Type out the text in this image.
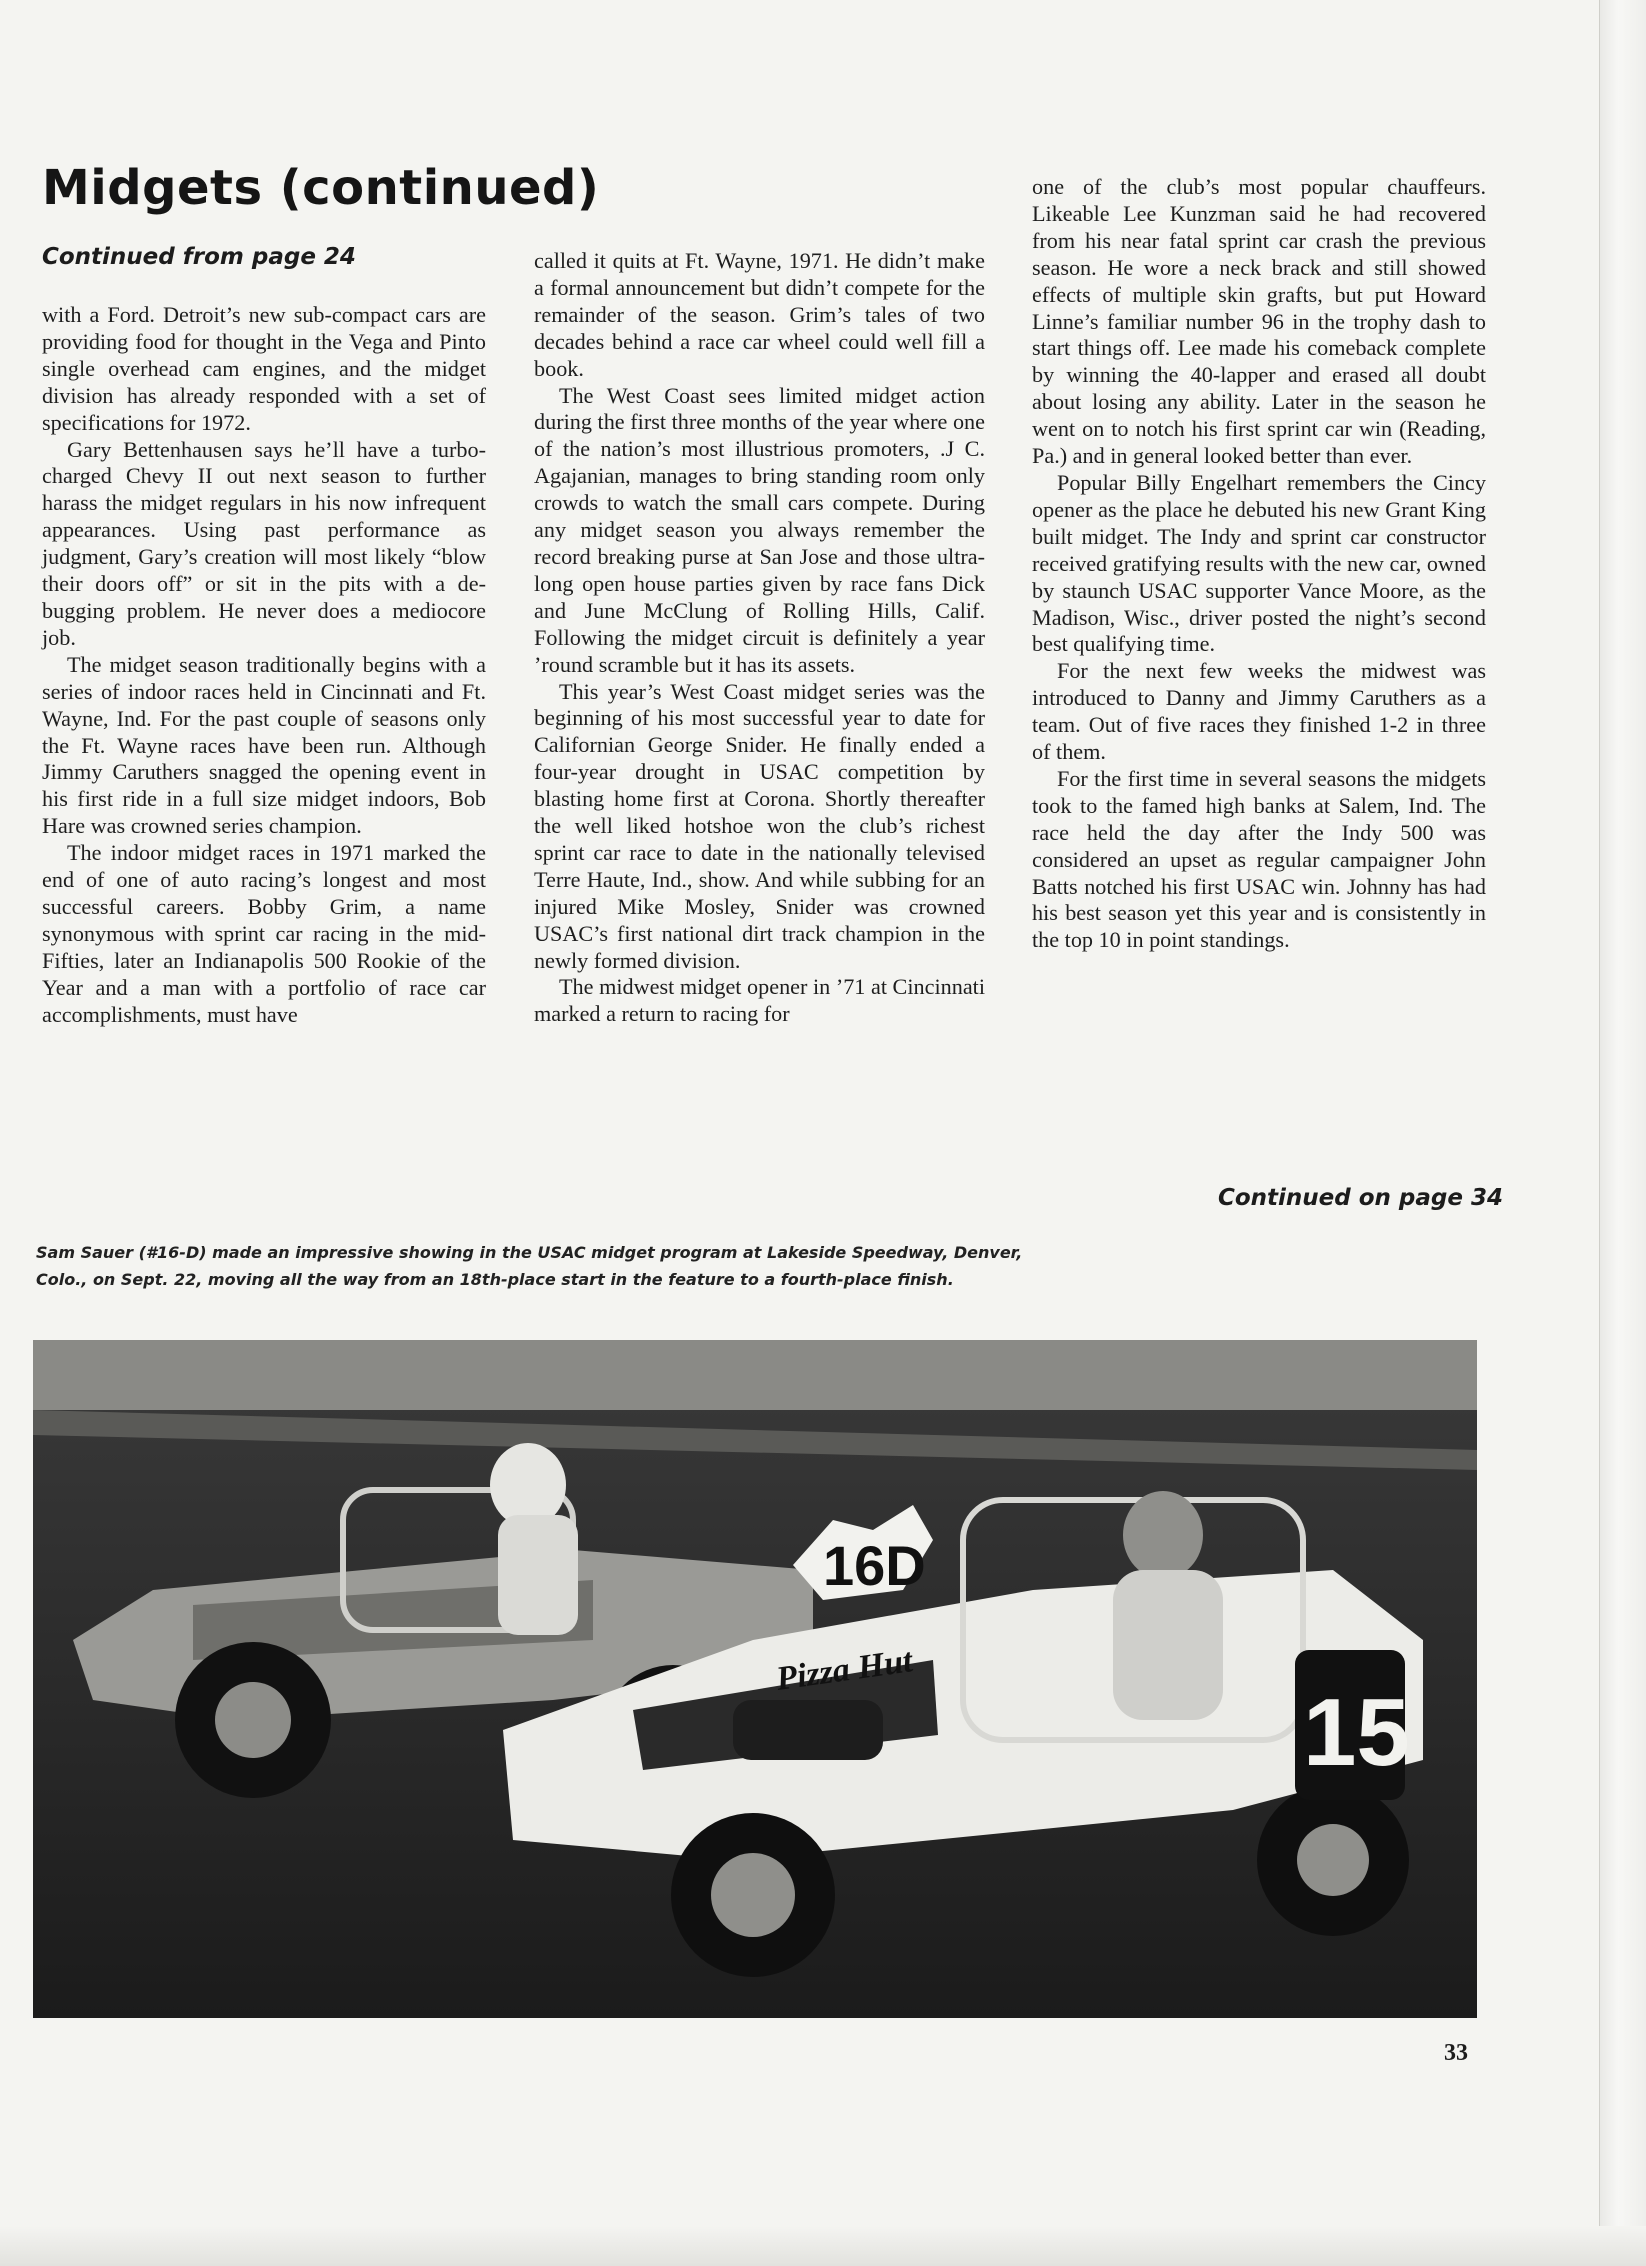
Midgets (continued)
Continued from page 24

with a Ford. Detroit’s new sub-compact cars are providing food for thought in the Vega and Pinto single overhead cam engines, and the midget division has already responded with a set of specifications for 1972.

Gary Bettenhausen says he’ll have a turbo-charged Chevy II out next season to further harass the midget regulars in his now infrequent appearances. Using past performance as judgment, Gary’s creation will most likely “blow their doors off” or sit in the pits with a de-bugging problem. He never does a mediocore job.

The midget season traditionally begins with a series of indoor races held in Cincinnati and Ft. Wayne, Ind. For the past couple of seasons only the Ft. Wayne races have been run. Although Jimmy Caruthers snagged the opening event in his first ride in a full size midget indoors, Bob Hare was crowned series champion.

The indoor midget races in 1971 marked the end of one of auto racing’s longest and most successful careers. Bobby Grim, a name synonymous with sprint car racing in the mid-Fifties, later an Indianapolis 500 Rookie of the Year and a man with a portfolio of race car accomplishments, must have

called it quits at Ft. Wayne, 1971. He didn’t make a formal announcement but didn’t compete for the remainder of the season. Grim’s tales of two decades behind a race car wheel could well fill a book.

The West Coast sees limited midget action during the first three months of the year where one of the nation’s most illustrious promoters, .J C. Agajanian, manages to bring standing room only crowds to watch the small cars compete. During any midget season you always remember the record breaking purse at San Jose and those ultra-long open house parties given by race fans Dick and June McClung of Rolling Hills, Calif. Following the midget circuit is definitely a year ’round scramble but it has its assets.

This year’s West Coast midget series was the beginning of his most successful year to date for Californian George Snider. He finally ended a four-year drought in USAC competition by blasting home first at Corona. Shortly thereafter the well liked hotshoe won the club’s richest sprint car race to date in the nationally televised Terre Haute, Ind., show. And while subbing for an injured Mike Mosley, Snider was crowned USAC’s first national dirt track champion in the newly formed division.

The midwest midget opener in ’71 at Cincinnati marked a return to racing for

one of the club’s most popular chauffeurs. Likeable Lee Kunzman said he had recovered from his near fatal sprint car crash the previous season. He wore a neck brack and still showed effects of multiple skin grafts, but put Howard Linne’s familiar number 96 in the trophy dash to start things off. Lee made his comeback complete by winning the 40-lapper and erased all doubt about losing any ability. Later in the season he went on to notch his first sprint car win (Reading, Pa.) and in general looked better than ever.

Popular Billy Engelhart remembers the Cincy opener as the place he debuted his new Grant King built midget. The Indy and sprint car constructor received gratifying results with the new car, owned by staunch USAC supporter Vance Moore, as the Madison, Wisc., driver posted the night’s second best qualifying time.

For the next few weeks the midwest was introduced to Danny and Jimmy Caruthers as a team. Out of five races they finished 1-2 in three of them.

For the first time in several seasons the midgets took to the famed high banks at Salem, Ind. The race held the day after the Indy 500 was considered an upset as regular campaigner John Batts notched his first USAC win. Johnny has had his best season yet this year and is consistently in the top 10 in point standings.

Continued on page 34

Sam Sauer (#16-D) made an impressive showing in the USAC midget program at Lakeside Speedway, Denver, Colo., on Sept. 22, moving all the way from an 18th-place start in the feature to a fourth-place finish.

16D
15
Pizza Hut
33
